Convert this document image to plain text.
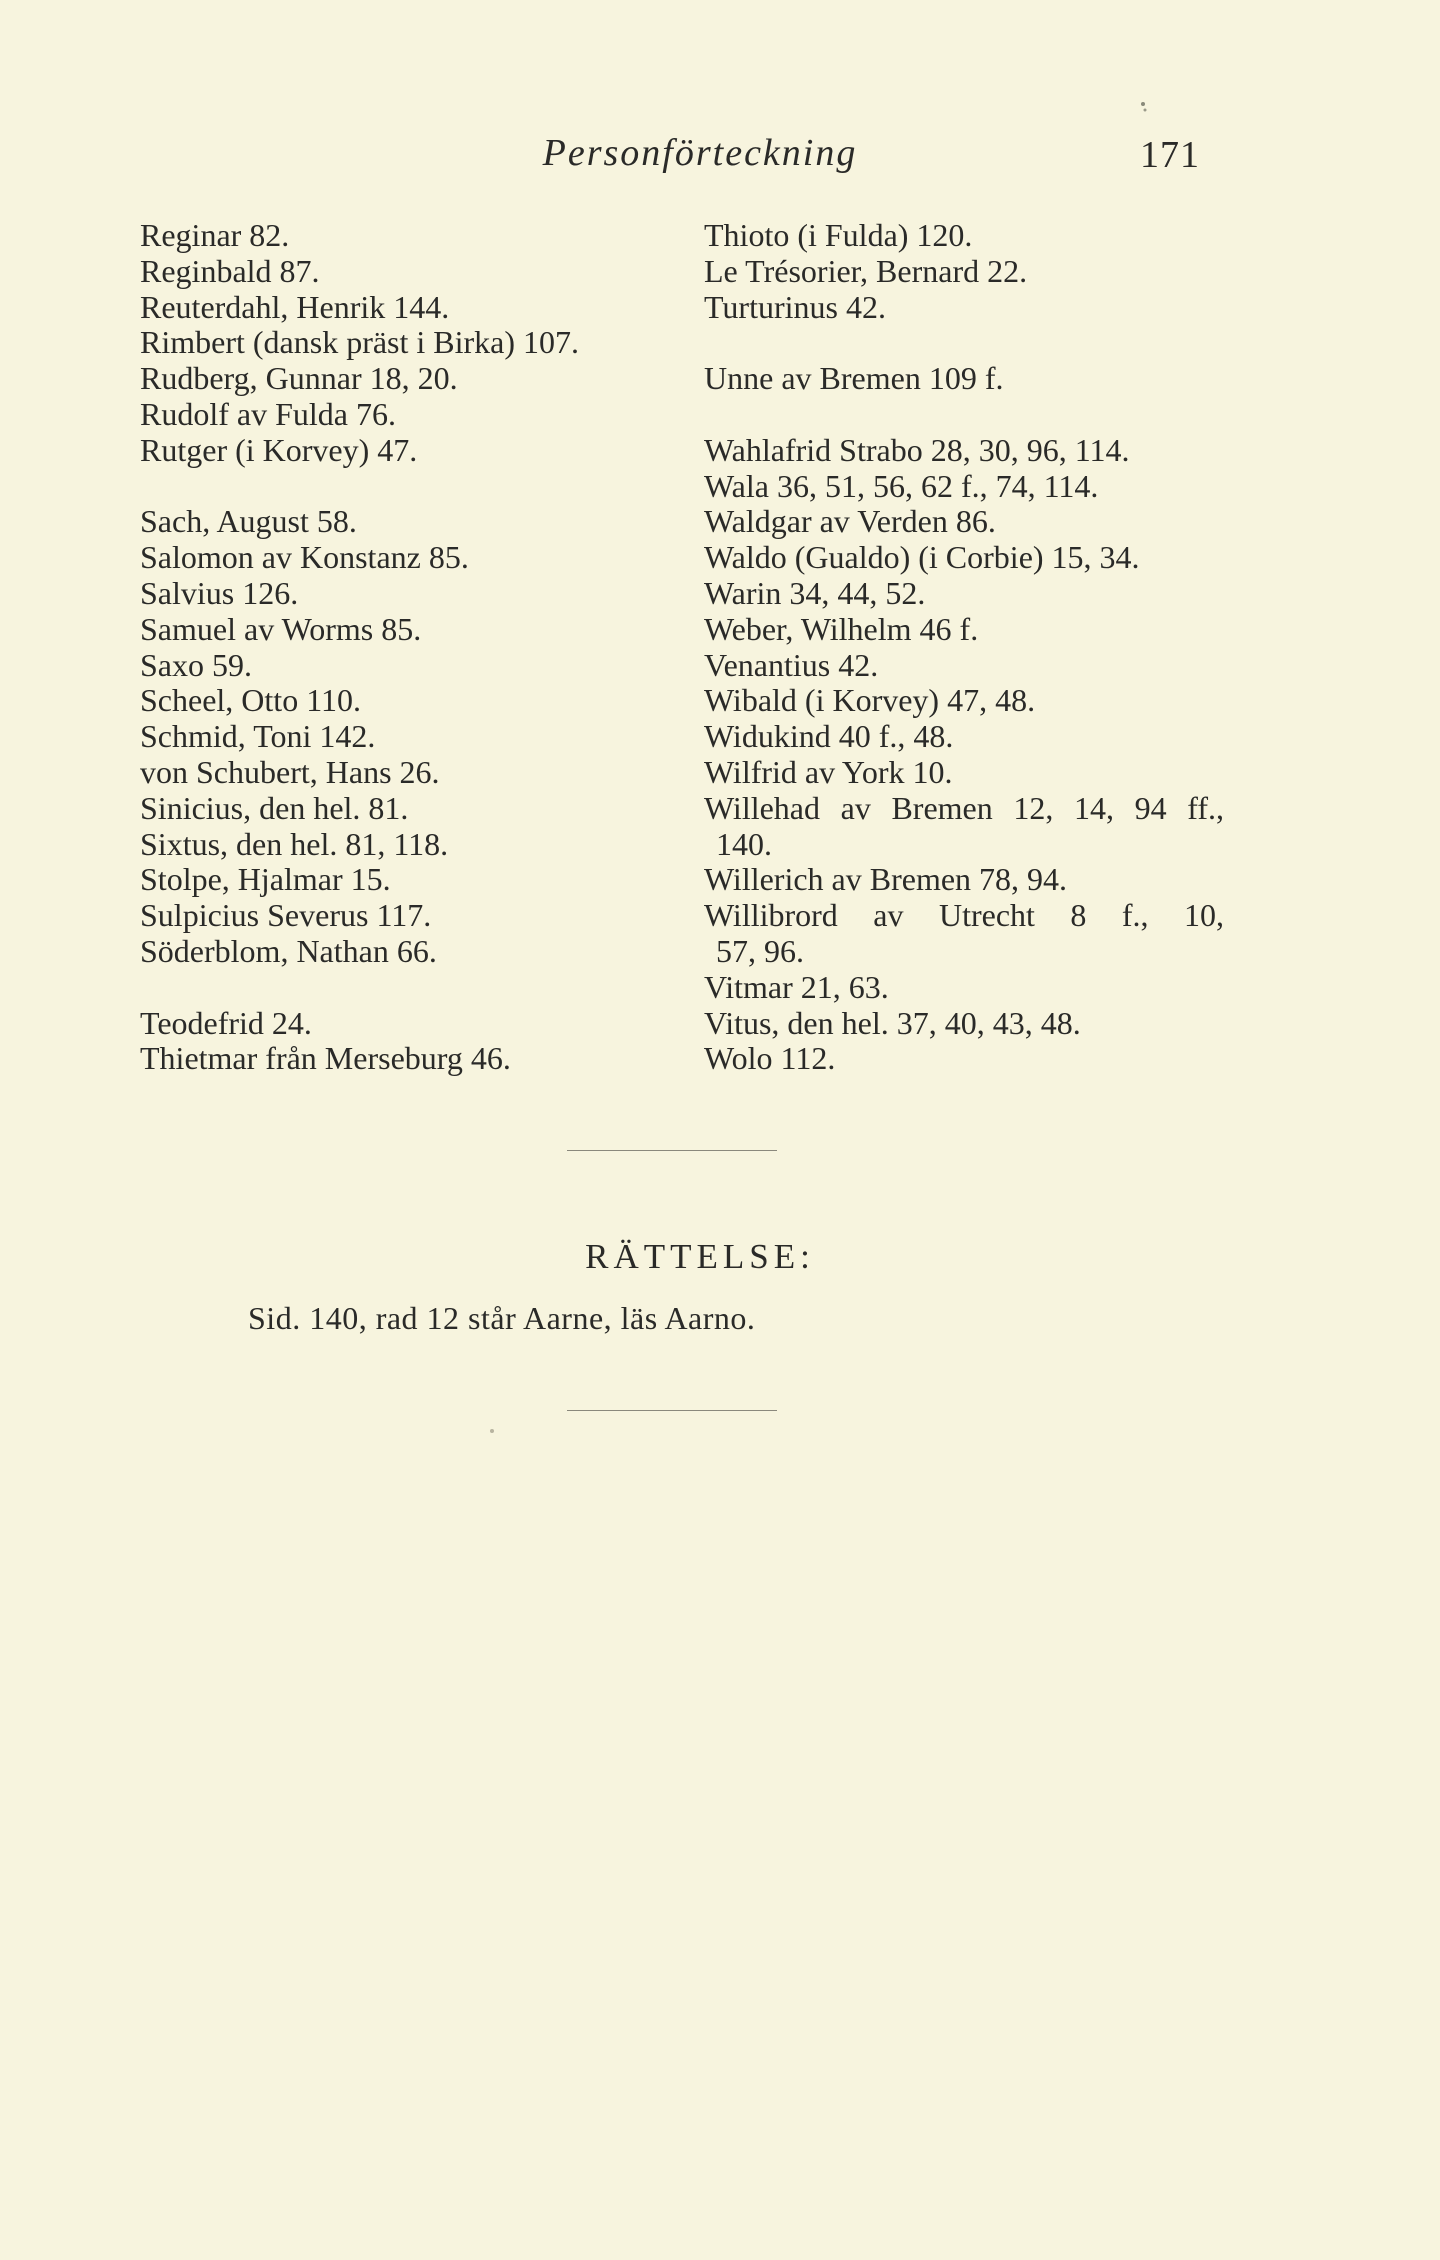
Personförteckning	171
Reginar 82.
Reginbald 87.
Reuterdahl, Henrik 144.
Rimbert (dansk präst i Birka) 107.
Rudberg, Gunnar 18, 20.
Rudolf av Fulda 76.
Rutger (i Korvey) 47.
Sach, August 58.
Salomon av Konstanz 85.
Salvius 126.
Samuel av Worms 85.
Saxo 59.
Scheel, Otto 110.
Schmid, Toni 142.
von Schubert, Hans 26.
Sinicius, den hel. 81.
Sixtus, den hel. 81, 118.
Stolpe, Hjalmar 15.
Sulpicius Severus 117.
Söderblom, Nathan 66.
Teodefrid 24.
Thietmar från Merseburg 46.
Thioto (i Fulda) 120.
Le Trésorier, Bernard 22.
Turturinus 42.
Unne av Bremen 109 f.
Wahlafrid Strabo 28, 30, 96, 114.
Wala 36, 51, 56, 62 f., 74, 114.
Waldgar av Verden 86.
Waldo (Gualdo) (i Corbie) 15, 34.
Warin 34, 44, 52.
Weber, Wilhelm 46 f.
Venantius 42.
Wibald (i Korvey) 47, 48.
Widukind 40 f., 48.
Wilfrid av York 10.
Willehad av Bremen 12, 14, 94 ff.,
140.
Willerich av Bremen 78, 94.
Willibrord av Utrecht 8 f., 10,
57, 96.
Vitmar 21, 63.
Vitus, den hel. 37, 40, 43, 48.
Wolo 112.
RÄTTELSE:
Sid. 140, rad 12 står Aarne, läs Aarno.
